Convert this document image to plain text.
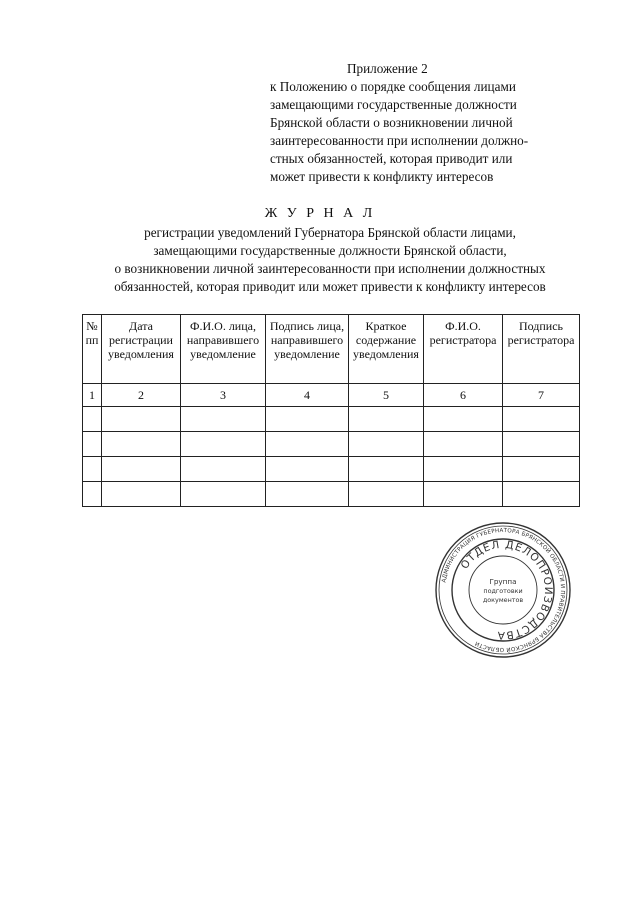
Приложение 2
к Положению о порядке сообщения лицами
замещающими государственные должности
Брянской области о возникновении личной
заинтересованности при исполнении должно-
стных обязанностей, которая приводит или
может привести к конфликту интересов
Ж У Р Н А Л
регистрации уведомлений Губернатора Брянской области лицами,
замещающими государственные должности Брянской области,
о возникновении личной заинтересованности при исполнении должностных
обязанностей, которая приводит или может привести к конфликту интересов
№ пп	Дата регистрации уведомления	Ф.И.О. лица, направившего уведомление	Подпись лица, направившего уведомление	Краткое содержание уведомления	Ф.И.О. регистратора	Подпись регистратора
1	2	3	4	5	6	7

АДМИНИСТРАЦИЯ ГУБЕРНАТОРА БРЯНСКОЙ ОБЛАСТИ И ПРАВИТЕЛЬСТВА БРЯНСКОЙ ОБЛАСТИ
ОТДЕЛ ДЕЛОПРОИЗВОДСТВА
Группа
подготовки
документов
